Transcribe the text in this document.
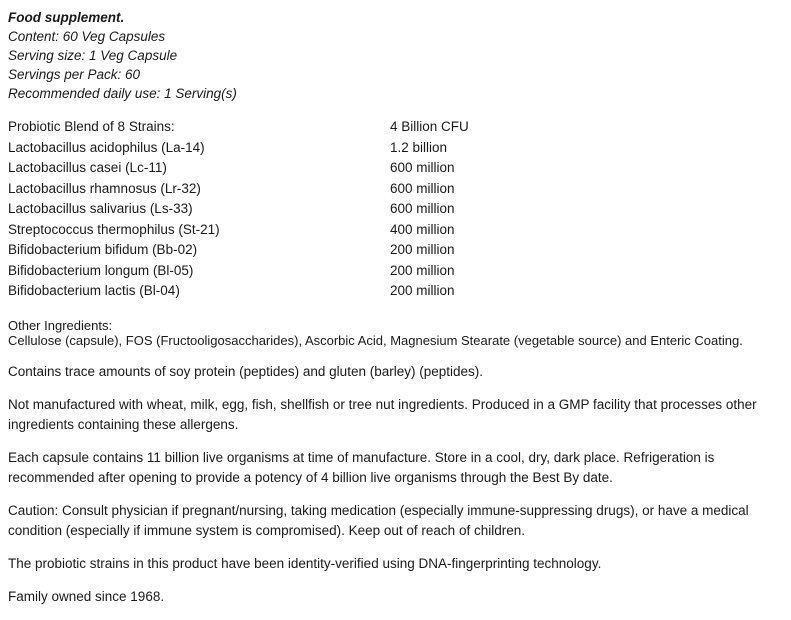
Food supplement.
Content: 60 Veg Capsules
Serving size: 1 Veg Capsule
Servings per Pack: 60
Recommended daily use: 1 Serving(s)
Probiotic Blend of 8 Strains:	4 Billion CFU
Lactobacillus acidophilus (La-14)	1.2 billion
Lactobacillus casei (Lc-11)	600 million
Lactobacillus rhamnosus (Lr-32)	600 million
Lactobacillus salivarius (Ls-33)	600 million
Streptococcus thermophilus (St-21)	400 million
Bifidobacterium bifidum (Bb-02)	200 million
Bifidobacterium longum (Bl-05)	200 million
Bifidobacterium lactis (Bl-04)	200 million
Other Ingredients:
Cellulose (capsule), FOS (Fructooligosaccharides), Ascorbic Acid, Magnesium Stearate (vegetable source) and Enteric Coating.
Contains trace amounts of soy protein (peptides) and gluten (barley) (peptides).
Not manufactured with wheat, milk, egg, fish, shellfish or tree nut ingredients. Produced in a GMP facility that processes other ingredients containing these allergens.
Each capsule contains 11 billion live organisms at time of manufacture. Store in a cool, dry, dark place. Refrigeration is recommended after opening to provide a potency of 4 billion live organisms through the Best By date.
Caution: Consult physician if pregnant/nursing, taking medication (especially immune-suppressing drugs), or have a medical condition (especially if immune system is compromised). Keep out of reach of children.
The probiotic strains in this product have been identity-verified using DNA-fingerprinting technology.
Family owned since 1968.
